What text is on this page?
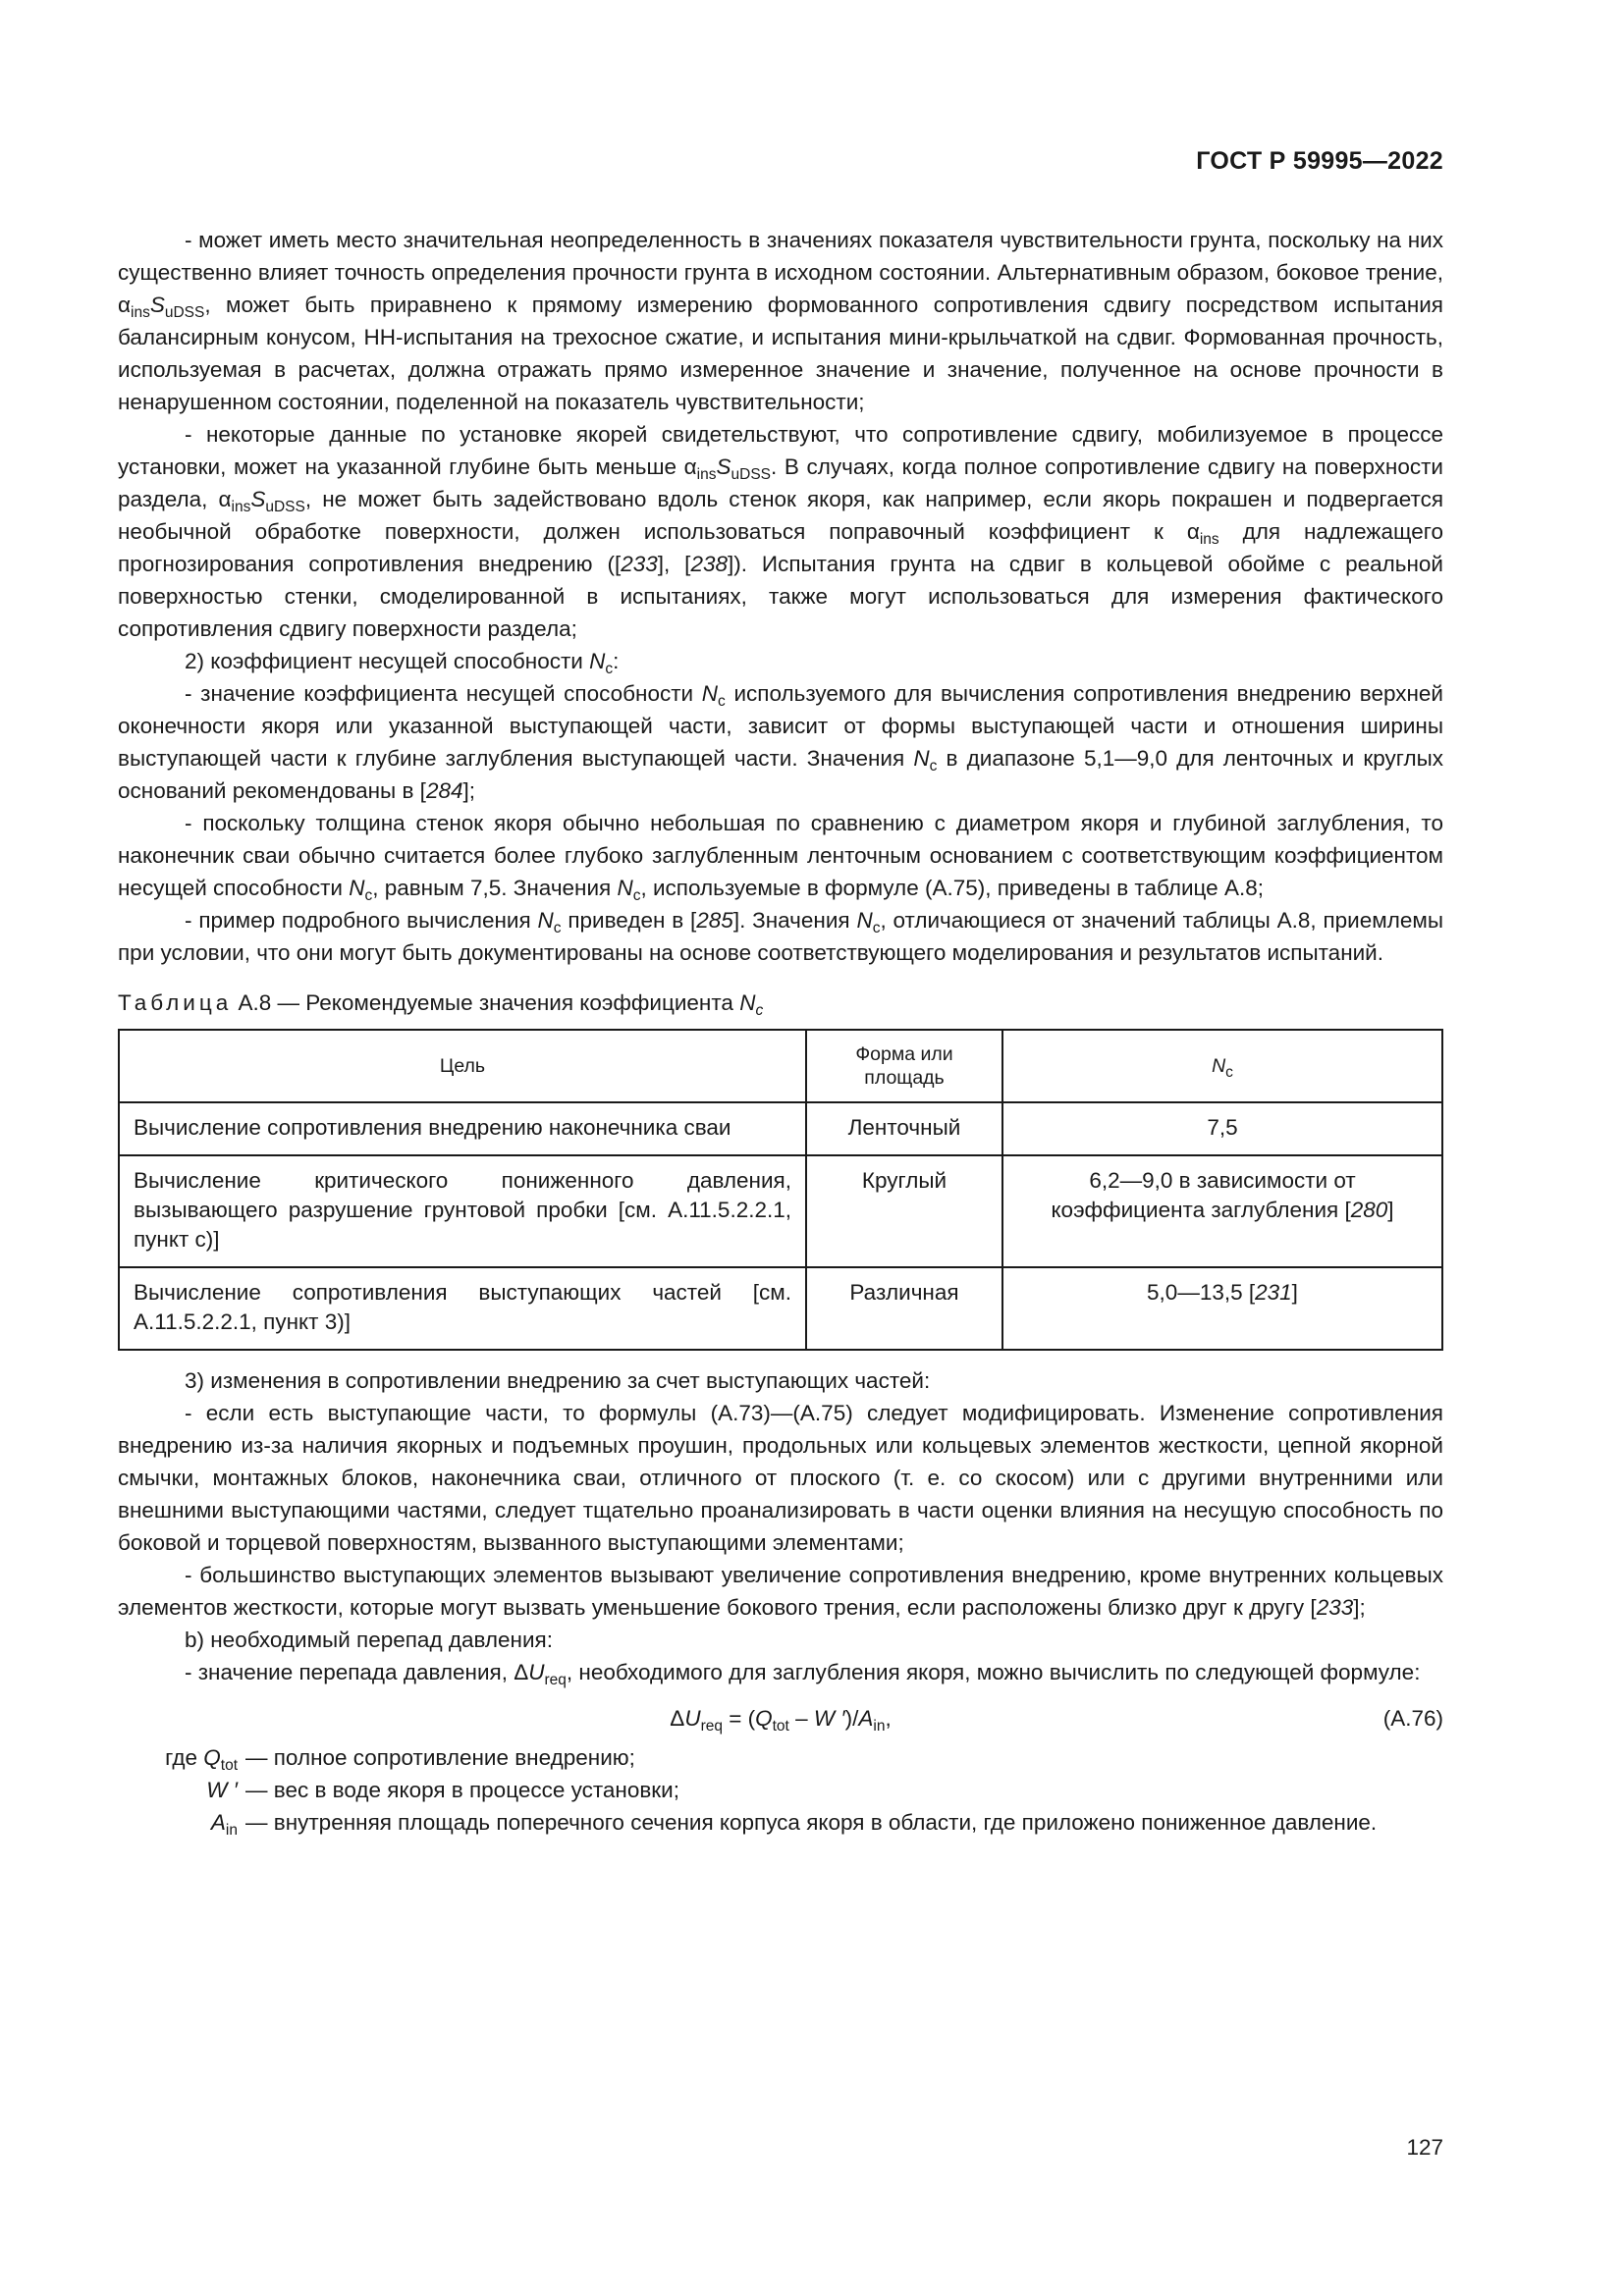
ГОСТ Р 59995—2022

- может иметь место значительная неопределенность в значениях показателя чувствительности грунта, поскольку на них существенно влияет точность определения прочности грунта в исходном состоянии. Альтернативным образом, боковое трение, $\alpha_{ins}S_{uDSS}$, может быть приравнено к прямому измерению формованного сопротивления сдвигу посредством испытания балансирным конусом, НН-испытания на трехосное сжатие, и испытания мини-крыльчаткой на сдвиг. Формованная прочность, используемая в расчетах, должна отражать прямо измеренное значение и значение, полученное на основе прочности в ненарушенном состоянии, поделенной на показатель чувствительности;

- некоторые данные по установке якорей свидетельствуют, что сопротивление сдвигу, мобилизуемое в процессе установки, может на указанной глубине быть меньше $\alpha_{ins}S_{uDSS}$. В случаях, когда полное сопротивление сдвигу на поверхности раздела, $\alpha_{ins}S_{uDSS}$, не может быть задействовано вдоль стенок якоря, как например, если якорь покрашен и подвергается необычной обработке поверхности, должен использоваться поправочный коэффициент к $\alpha_{ins}$ для надлежащего прогнозирования сопротивления внедрению ([233], [238]). Испытания грунта на сдвиг в кольцевой обойме с реальной поверхностью стенки, смоделированной в испытаниях, также могут использоваться для измерения фактического сопротивления сдвигу поверхности раздела;

2) коэффициент несущей способности $N_c$:

- значение коэффициента несущей способности $N_c$ используемого для вычисления сопротивления внедрению верхней оконечности якоря или указанной выступающей части, зависит от формы выступающей части и отношения ширины выступающей части к глубине заглубления выступающей части. Значения $N_c$ в диапазоне 5,1—9,0 для ленточных и круглых оснований рекомендованы в [284];

- поскольку толщина стенок якоря обычно небольшая по сравнению с диаметром якоря и глубиной заглубления, то наконечник сваи обычно считается более глубоко заглубленным ленточным основанием с соответствующим коэффициентом несущей способности $N_c$, равным 7,5. Значения $N_c$, используемые в формуле (А.75), приведены в таблице А.8;

- пример подробного вычисления $N_c$ приведен в [285]. Значения $N_c$, отличающиеся от значений таблицы А.8, приемлемы при условии, что они могут быть документированы на основе соответствующего моделирования и результатов испытаний.

Таблица А.8 — Рекомендуемые значения коэффициента $N_c$
Цель	Форма или площадь	$N_c$
Вычисление сопротивления внедрению наконечника сваи	Ленточный	7,5
Вычисление критического пониженного давления, вызывающего разрушение грунтовой пробки [см. А.11.5.2.2.1, пункт с)]	Круглый	6,2—9,0 в зависимости от коэффициента заглубления [280]
Вычисление сопротивления выступающих частей [см. А.11.5.2.2.1, пункт 3)]	Различная	5,0—13,5 [231]

3) изменения в сопротивлении внедрению за счет выступающих частей:

- если есть выступающие части, то формулы (А.73)—(А.75) следует модифицировать. Изменение сопротивления внедрению из-за наличия якорных и подъемных проушин, продольных или кольцевых элементов жесткости, цепной якорной смычки, монтажных блоков, наконечника сваи, отличного от плоского (т. е. со скосом) или с другими внутренними или внешними выступающими частями, следует тщательно проанализировать в части оценки влияния на несущую способность по боковой и торцевой поверхностям, вызванного выступающими элементами;

- большинство выступающих элементов вызывают увеличение сопротивления внедрению, кроме внутренних кольцевых элементов жесткости, которые могут вызвать уменьшение бокового трения, если расположены близко друг к другу [233];

b) необходимый перепад давления:

- значение перепада давления, $\Delta U_{req}$, необходимого для заглубления якоря, можно вычислить по следующей формуле:

$\Delta U_{req} = (Q_{tot} - W$ $')/A_{in}$,	(А.76)
где $Q_{tot}$ — полное сопротивление внедрению;
W ′ — вес в воде якоря в процессе установки;
$A_{in}$ — внутренняя площадь поперечного сечения корпуса якоря в области, где приложено пониженное давление.
127
